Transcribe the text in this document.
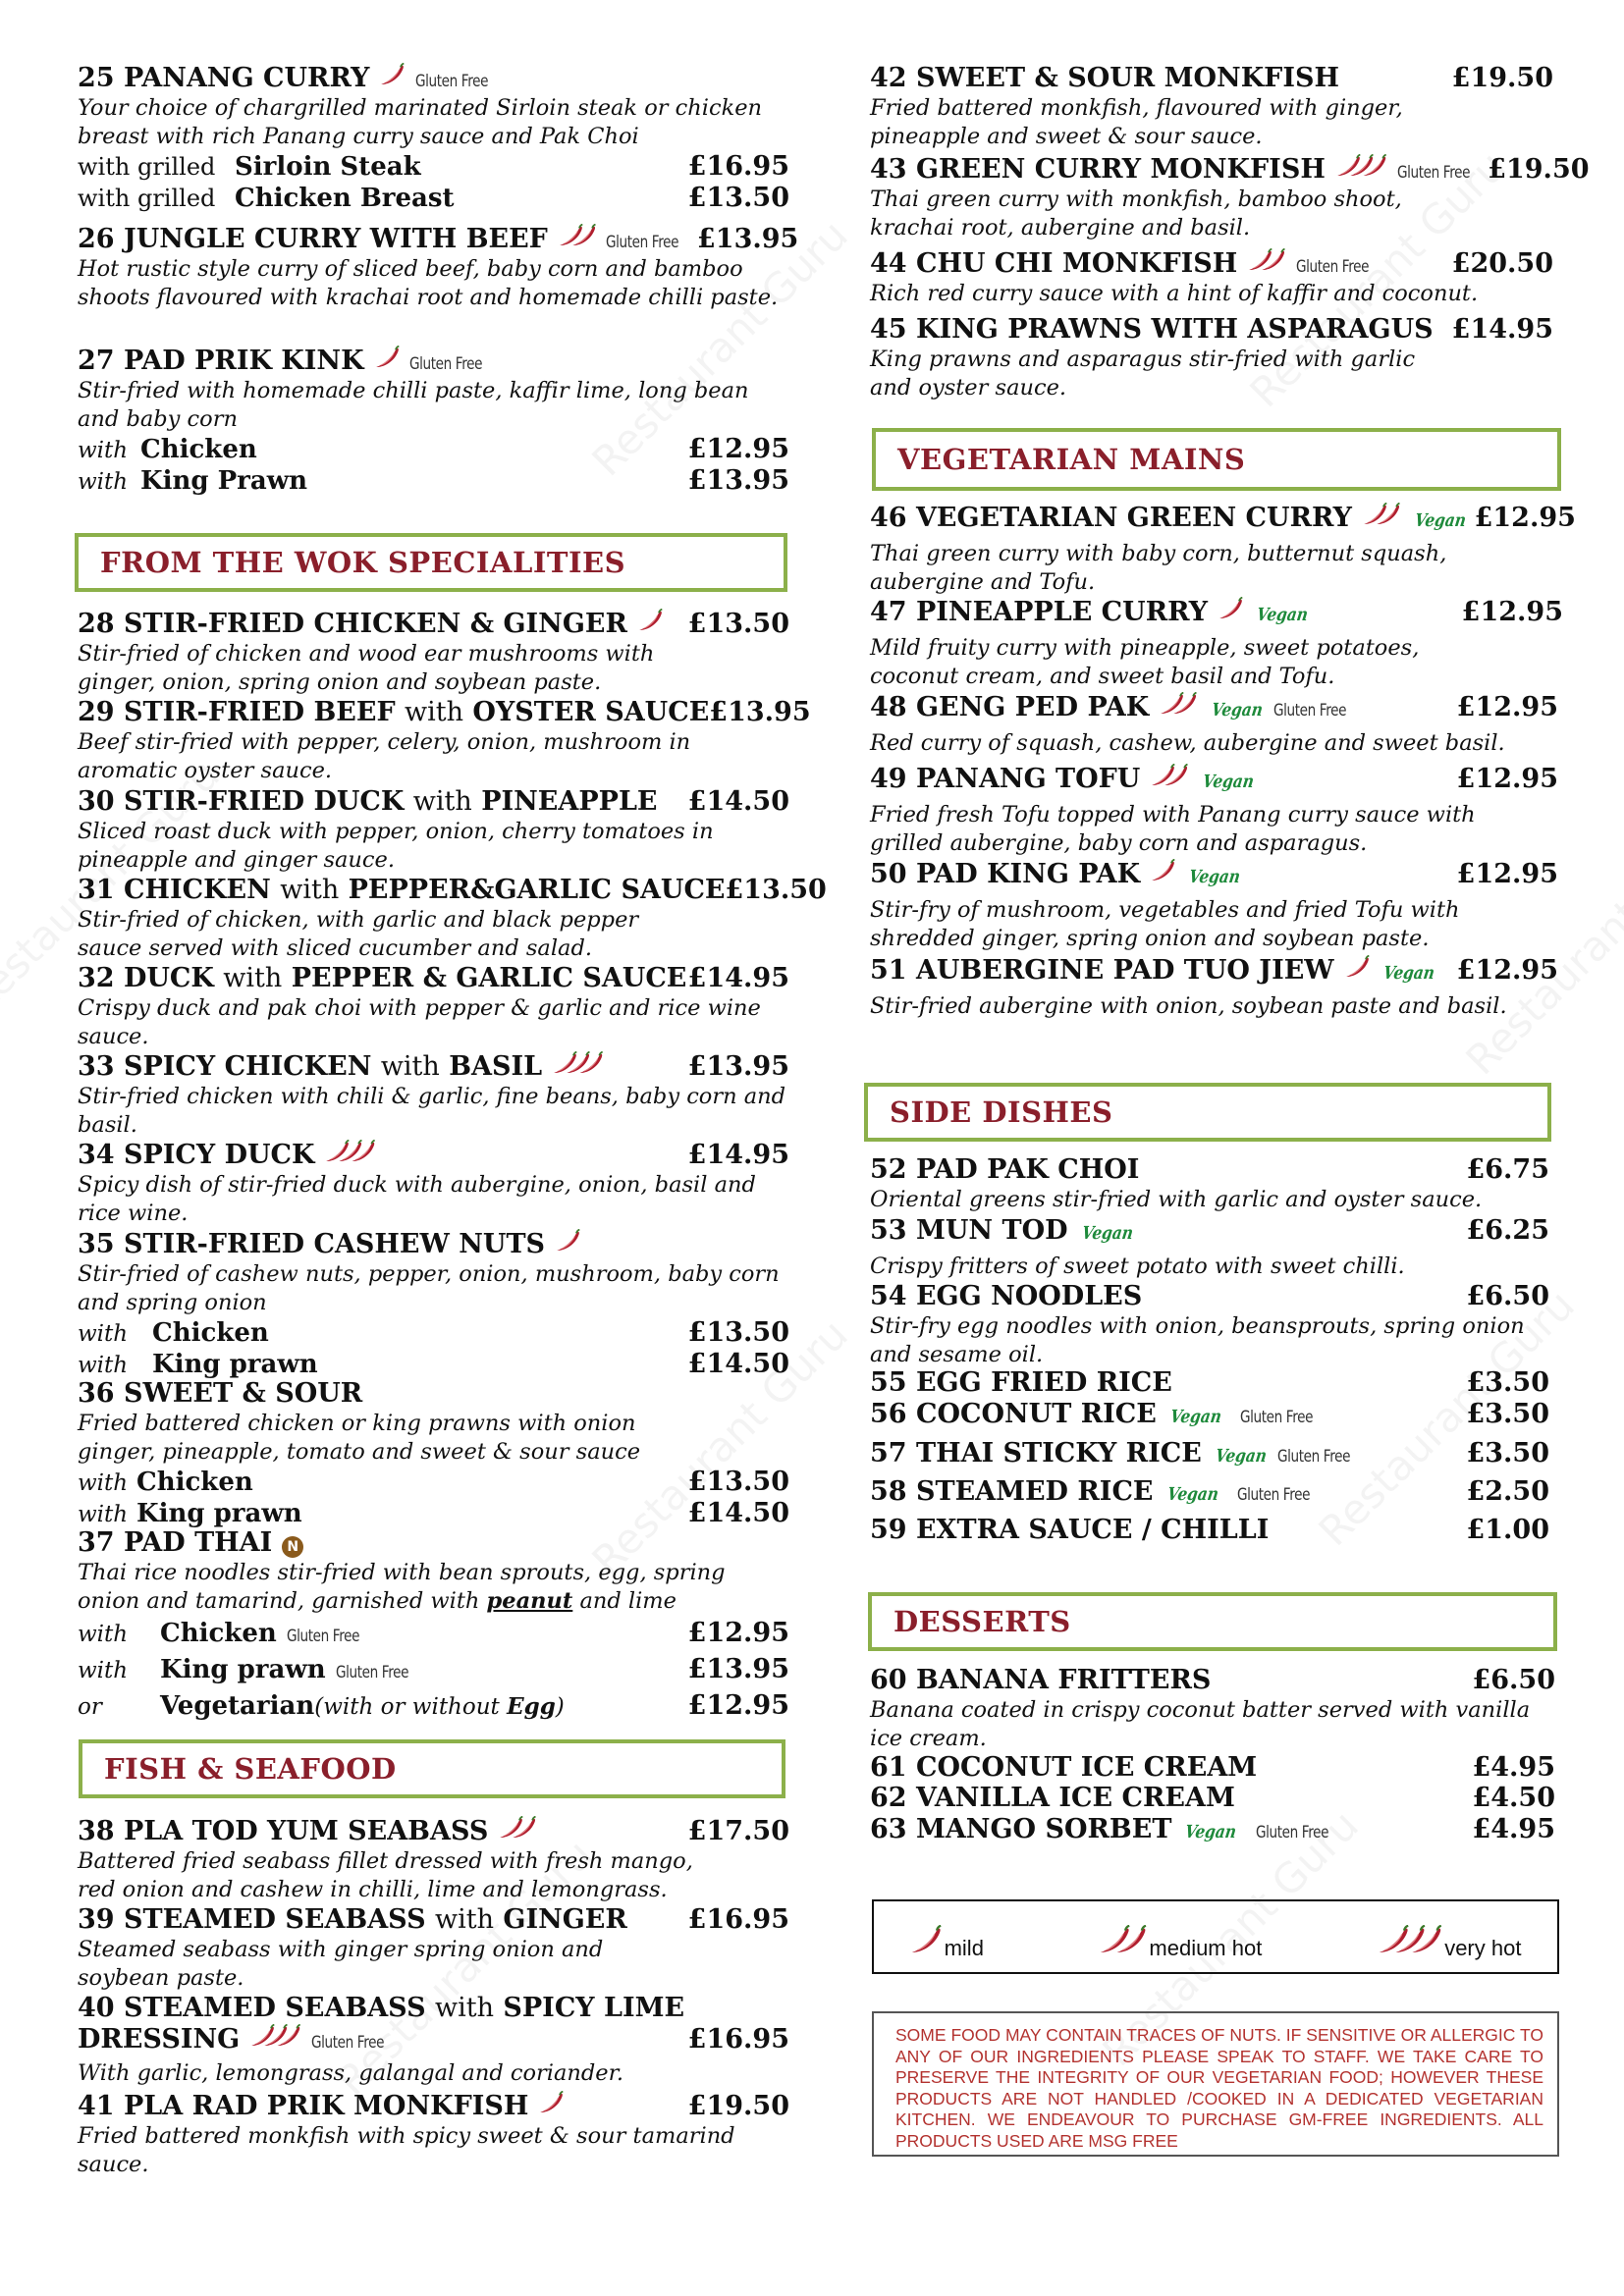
25 PANANG CURRY	Gluten Free

Your choice of chargrilled marinated Sirloin steak or chicken breast with rich Panang curry sauce and Pak Choi

with grilled Sirloin Steak	£16.95
with grilled Chicken Breast	£13.50
26 JUNGLE CURRY WITH BEEF	Gluten Free £13.95

Hot rustic style curry of sliced beef, baby corn and bamboo shoots flavoured with krachai root and homemade chilli paste.

27 PAD PRIK KINK	Gluten Free

Stir-fried with homemade chilli paste, kaffir lime, long bean and baby corn

with Chicken	£12.95
with King Prawn	£13.95
FROM THE WOK SPECIALITIES
28 STIR-FRIED CHICKEN & GINGER £13.50

Stir-fried of chicken and wood ear mushrooms with ginger, onion, spring onion and soybean paste.

29 STIR-FRIED BEEF with OYSTER SAUCE £13.95

Beef stir-fried with pepper, celery, onion, mushroom in aromatic oyster sauce.

30 STIR-FRIED DUCK with PINEAPPLE £14.50

Sliced roast duck with pepper, onion, cherry tomatoes in pineapple and ginger sauce.

31 CHICKEN with PEPPER&GARLIC SAUCE £13.50

Stir-fried of chicken, with garlic and black pepper sauce served with sliced cucumber and salad.

32 DUCK with PEPPER & GARLIC SAUCE £14.95

Crispy duck and pak choi with pepper & garlic and rice wine sauce.

33 SPICY CHICKEN with BASIL	£13.95

Stir-fried chicken with chili & garlic, fine beans, baby corn and basil.

34 SPICY DUCK	£14.95

Spicy dish of stir-fried duck with aubergine, onion, basil and rice wine.

35 STIR-FRIED CASHEW NUTS

Stir-fried of cashew nuts, pepper, onion, mushroom, baby corn and spring onion

with Chicken	£13.50
with King prawn	£14.50
36 SWEET & SOUR

Fried battered chicken or king prawns with onion ginger, pineapple, tomato and sweet & sour sauce

with Chicken	£13.50
with King prawn	£14.50
37 PAD THAI	N

Thai rice noodles stir-fried with bean sprouts, egg, spring onion and tamarind, garnished with peanut and lime

with	Chicken Gluten Free	£12.95
with	King prawn Gluten Free	£13.95
or	Vegetarian (with or without Egg)	£12.95
FISH & SEAFOOD
38 PLA TOD YUM SEABASS	£17.50

Battered fried seabass fillet dressed with fresh mango, red onion and cashew in chilli, lime and lemongrass.

39 STEAMED SEABASS with GINGER £16.95

Steamed seabass with ginger spring onion and soybean paste.

40 STEAMED SEABASS with SPICY LIME
DRESSING	Gluten Free	£16.95

With garlic, lemongrass, galangal and coriander.

41 PLA RAD PRIK MONKFISH	£19.50

Fried battered monkfish with spicy sweet & sour tamarind sauce.

42 SWEET & SOUR MONKFISH	£19.50

Fried battered monkfish, flavoured with ginger, pineapple and sweet & sour sauce.

43 GREEN CURRY MONKFISH	Gluten Free £19.50

Thai green curry with monkfish, bamboo shoot, krachai root, aubergine and basil.

44 CHU CHI MONKFISH	Gluten Free	£20.50

Rich red curry sauce with a hint of kaffir and coconut.

45 KING PRAWNS WITH ASPARAGUS £14.95

King prawns and asparagus stir-fried with garlic and oyster sauce.

VEGETARIAN MAINS
46 VEGETARIAN GREEN CURRY	Vegan £12.95

Thai green curry with baby corn, butternut squash, aubergine and Tofu.

47 PINEAPPLE CURRY	Vegan	£12.95

Mild fruity curry with pineapple, sweet potatoes, coconut cream, and sweet basil and Tofu.

48 GENG PED PAK	Vegan Gluten Free	£12.95

Red curry of squash, cashew, aubergine and sweet basil.

49 PANANG TOFU	Vegan	£12.95

Fried fresh Tofu topped with Panang curry sauce with grilled aubergine, baby corn and asparagus.

50 PAD KING PAK	Vegan	£12.95

Stir-fry of mushroom, vegetables and fried Tofu with shredded ginger, spring onion and soybean paste.

51 AUBERGINE PAD TUO JIEW	Vegan £12.95

Stir-fried aubergine with onion, soybean paste and basil.

SIDE DISHES
52 PAD PAK CHOI	£6.75

Oriental greens stir-fried with garlic and oyster sauce.

53 MUN TOD Vegan	£6.25

Crispy fritters of sweet potato with sweet chilli.

54 EGG NOODLES	£6.50

Stir-fry egg noodles with onion, beansprouts, spring onion and sesame oil.

55 EGG FRIED RICE	£3.50
56 COCONUT RICE Vegan Gluten Free	£3.50
57 THAI STICKY RICE Vegan Gluten Free	£3.50
58 STEAMED RICE Vegan Gluten Free	£2.50
59 EXTRA SAUCE / CHILLI	£1.00
DESSERTS
60 BANANA FRITTERS	£6.50

Banana coated in crispy coconut batter served with vanilla ice cream.

61 COCONUT ICE CREAM	£4.95
62 VANILLA ICE CREAM	£4.50
63 MANGO SORBET Vegan Gluten Free	£4.95
mild	medium hot	very hot
SOME FOOD MAY CONTAIN TRACES OF NUTS. IF SENSITIVE OR ALLERGIC TO ANY OF OUR INGREDIENTS PLEASE SPEAK TO STAFF. WE TAKE CARE TO PRESERVE THE INTEGRITY OF OUR VEGETARIAN FOOD; HOWEVER THESE PRODUCTS ARE NOT HANDLED /COOKED IN A DEDICATED VEGETARIAN KITCHEN. WE ENDEAVOUR TO PURCHASE GM-FREE INGREDIENTS. ALL PRODUCTS USED ARE MSG FREE
